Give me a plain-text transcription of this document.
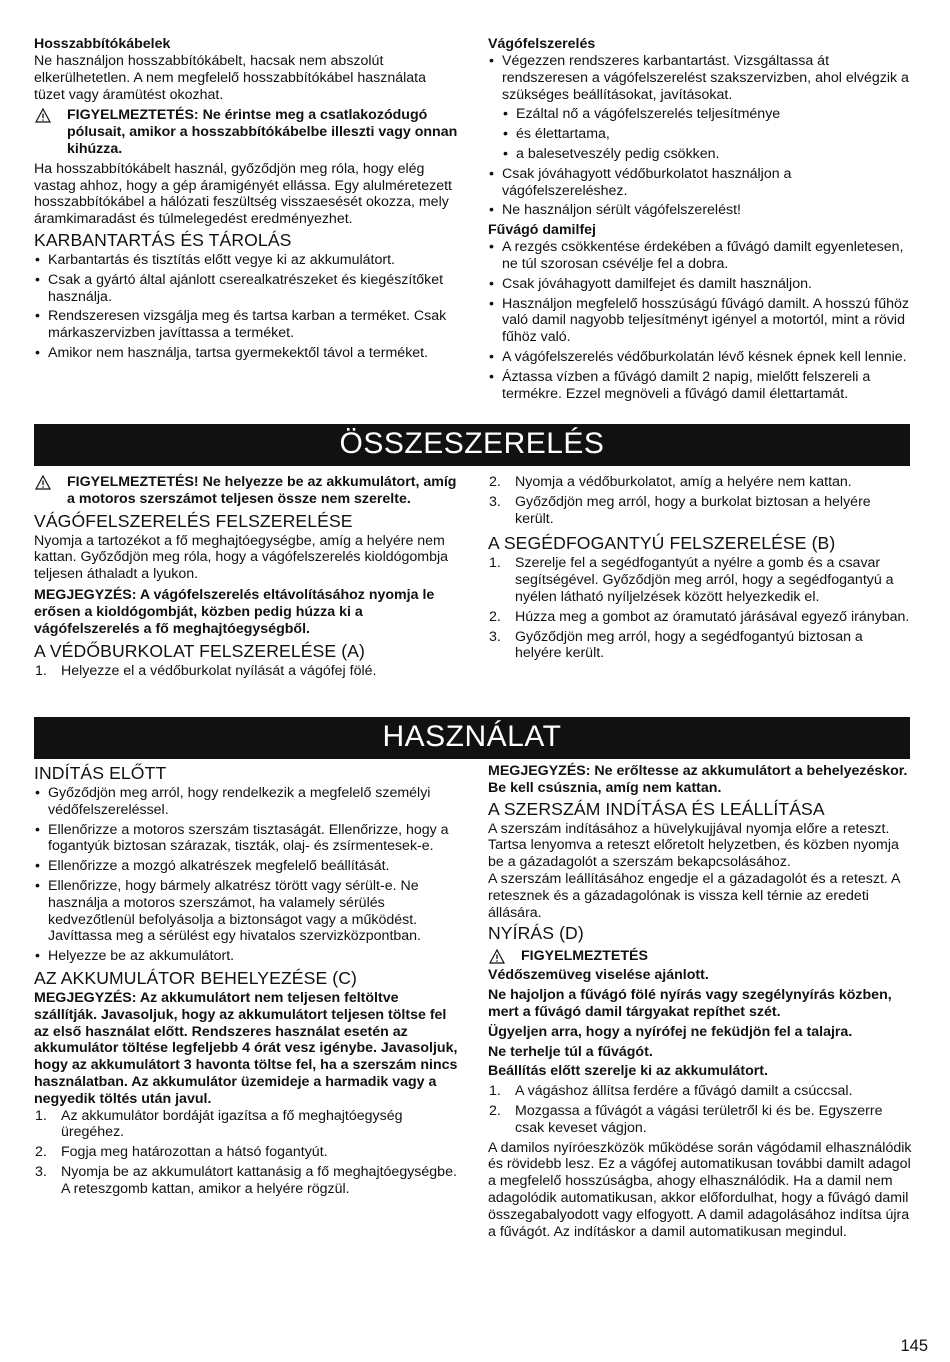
Hosszabbítókábelek

Ne használjon hosszabbítókábelt, hacsak nem abszolút elkerülhetetlen. A nem megfelelő hosszabbítókábel használata tüzet vagy áramütést okozhat.

FIGYELMEZTETÉS: Ne érintse meg a csatlakozódugó pólusait, amikor a hosszabbítókábelbe illeszti vagy onnan kihúzza.

Ha hosszabbítókábelt használ, győződjön meg róla, hogy elég vastag ahhoz, hogy a gép áramigényét ellássa. Egy alulméretezett hosszabbítókábel a hálózati feszültség visszaesését okozza, mely áramkimaradást és túlmelegedést eredményezhet.

KARBANTARTÁS ÉS TÁROLÁS

• Karbantartás és tisztítás előtt vegye ki az akkumulátort.
• Csak a gyártó által ajánlott cserealkatrészeket és kiegészítőket használja.
• Rendszeresen vizsgálja meg és tartsa karban a terméket. Csak márkaszervizben javíttassa a terméket.
• Amikor nem használja, tartsa gyermekektől távol a terméket.

Vágófelszerelés

• Végezzen rendszeres karbantartást. Vizsgáltassa át rendszeresen a vágófelszerelést szakszervizben, ahol elvégzik a szükséges beállításokat, javításokat.
• Ezáltal nő a vágófelszerelés teljesítménye
• és élettartama,
• a balesetveszély pedig csökken.
• Csak jóváhagyott védőburkolatot használjon a vágófelszereléshez.
• Ne használjon sérült vágófelszerelést!

Fűvágó damilfej

• A rezgés csökkentése érdekében a fűvágó damilt egyenletesen, ne túl szorosan csévélje fel a dobra.
• Csak jóváhagyott damilfejet és damilt használjon.
• Használjon megfelelő hosszúságú fűvágó damilt. A hosszú fűhöz való damil nagyobb teljesítményt igényel a motortól, mint a rövid fűhöz való.
• A vágófelszerelés védőburkolatán lévő késnek épnek kell lennie.
• Áztassa vízben a fűvágó damilt 2 napig, mielőtt felszereli a termékre. Ezzel megnöveli a fűvágó damil élettartamát.
ÖSSZESZERELÉS
FIGYELMEZTETÉS! Ne helyezze be az akkumulátort, amíg a motoros szerszámot teljesen össze nem szerelte.

VÁGÓFELSZERELÉS FELSZERELÉSE

Nyomja a tartozékot a fő meghajtóegységbe, amíg a helyére nem kattan. Győződjön meg róla, hogy a vágófelszerelés kioldógombja teljesen áthaladt a lyukon.

MEGJEGYZÉS: A vágófelszerelés eltávolításához nyomja le erősen a kioldógombját, közben pedig húzza ki a vágófelszerelés a fő meghajtóegységből.

A VÉDŐBURKOLAT FELSZERELÉSE (A)

1. Helyezze el a védőburkolat nyílását a vágófej fölé.
2. Nyomja a védőburkolatot, amíg a helyére nem kattan.
3. Győződjön meg arról, hogy a burkolat biztosan a helyére került.

A SEGÉDFOGANTYÚ FELSZERELÉSE (B)

1. Szerelje fel a segédfogantyút a nyélre a gomb és a csavar segítségével. Győződjön meg arról, hogy a segédfogantyú a nyélen látható nyíljelzések között helyezkedik el.
2. Húzza meg a gombot az óramutató járásával egyező irányban.
3. Győződjön meg arról, hogy a segédfogantyú biztosan a helyére került.
HASZNÁLAT

INDÍTÁS ELŐTT

• Győződjön meg arról, hogy rendelkezik a megfelelő személyi védőfelszereléssel.
• Ellenőrizze a motoros szerszám tisztaságát. Ellenőrizze, hogy a fogantyúk biztosan szárazak, tiszták, olaj- és zsírmentesek-e.
• Ellenőrizze a mozgó alkatrészek megfelelő beállítását.
• Ellenőrizze, hogy bármely alkatrész törött vagy sérült-e. Ne használja a motoros szerszámot, ha valamely sérülés kedvezőtlenül befolyásolja a biztonságot vagy a működést. Javíttassa meg a sérülést egy hivatalos szervizközpontban.
• Helyezze be az akkumulátort.

AZ AKKUMULÁTOR BEHELYEZÉSE (C)

MEGJEGYZÉS: Az akkumulátort nem teljesen feltöltve szállítják. Javasoljuk, hogy az akkumulátort teljesen töltse fel az első használat előtt. Rendszeres használat esetén az akkumulátor töltése legfeljebb 4 órát vesz igénybe. Javasoljuk, hogy az akkumulátort 3 havonta töltse fel, ha a szerszám nincs használatban. Az akkumulátor üzemideje a harmadik vagy a negyedik töltés után javul.

1. Az akkumulátor bordáját igazítsa a fő meghajtóegység üregéhez.
2. Fogja meg határozottan a hátsó fogantyút.
3. Nyomja be az akkumulátort kattanásig a fő meghajtóegységbe. A reteszgomb kattan, amikor a helyére rögzül.

MEGJEGYZÉS: Ne erőltesse az akkumulátort a behelyezéskor. Be kell csúsznia, amíg nem kattan.

A SZERSZÁM INDÍTÁSA ÉS LEÁLLÍTÁSA

A szerszám indításához a hüvelykujjával nyomja előre a reteszt. Tartsa lenyomva a reteszt előretolt helyzetben, és közben nyomja be a gázadagolót a szerszám bekapcsolásához.

A szerszám leállításához engedje el a gázadagolót és a reteszt. A retesznek és a gázadagolónak is vissza kell térnie az eredeti állására.

NYÍRÁS (D)

FIGYELMEZTETÉS

Védőszemüveg viselése ajánlott.

Ne hajoljon a fűvágó fölé nyírás vagy szegélynyírás közben, mert a fűvágó damil tárgyakat repíthet szét.

Ügyeljen arra, hogy a nyírófej ne feküdjön fel a talajra.

Ne terhelje túl a fűvágót.

Beállítás előtt szerelje ki az akkumulátort.

1. A vágáshoz állítsa ferdére a fűvágó damilt a csúccsal.
2. Mozgassa a fűvágót a vágási területről ki és be. Egyszerre csak keveset vágjon.

A damilos nyíróeszközök működése során vágódamil elhasználódik és rövidebb lesz. Ez a vágófej automatikusan további damilt adagol a megfelelő hosszúságba, ahogy elhasználódik. Ha a damil nem adagolódik automatikusan, akkor előfordulhat, hogy a fűvágó damil összegabalyodott vagy elfogyott. A damil adagolásához indítsa újra a fűvágót. Az indításkor a damil automatikusan megindul.

145
